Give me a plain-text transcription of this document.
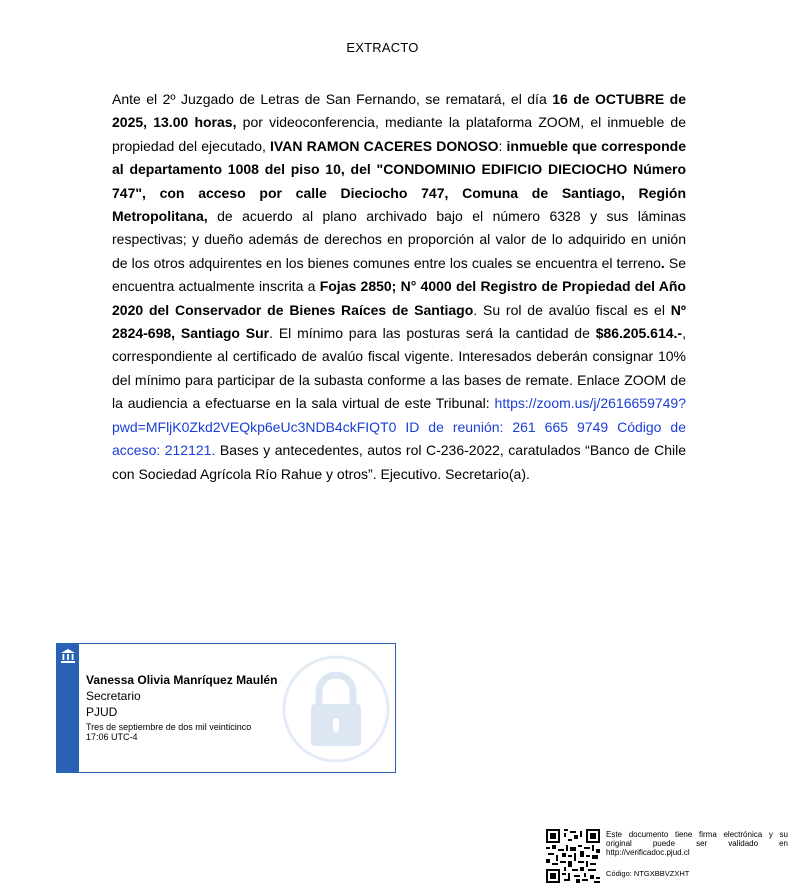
EXTRACTO
Ante el 2º Juzgado de Letras de San Fernando, se rematará, el día 16 de OCTUBRE de 2025, 13.00 horas, por videoconferencia, mediante la plataforma ZOOM, el inmueble de propiedad del ejecutado, IVAN RAMON CACERES DONOSO: inmueble que corresponde al departamento 1008 del piso 10, del "CONDOMINIO EDIFICIO DIECIOCHO Número 747", con acceso por calle Dieciocho 747, Comuna de Santiago, Región Metropolitana, de acuerdo al plano archivado bajo el número 6328 y sus láminas respectivas; y dueño además de derechos en proporción al valor de lo adquirido en unión de los otros adquirentes en los bienes comunes entre los cuales se encuentra el terreno. Se encuentra actualmente inscrita a Fojas 2850; N° 4000 del Registro de Propiedad del Año 2020 del Conservador de Bienes Raíces de Santiago. Su rol de avalúo fiscal es el Nº 2824-698, Santiago Sur. El mínimo para las posturas será la cantidad de $86.205.614.-, correspondiente al certificado de avalúo fiscal vigente. Interesados deberán consignar 10% del mínimo para participar de la subasta conforme a las bases de remate. Enlace ZOOM de la audiencia a efectuarse en la sala virtual de este Tribunal: https://zoom.us/j/2616659749?pwd=MFljK0Zkd2VEQkp6eUc3NDB4ckFIQT0 ID de reunión: 261 665 9749 Código de acceso: 212121. Bases y antecedentes, autos rol C-236-2022, caratulados “Banco de Chile con Sociedad Agrícola Río Rahue y otros”. Ejecutivo. Secretario(a).
Vanessa Olivia Manríquez Maulén
Secretario
PJUD
Tres de septiembre de dos mil veinticinco
17:06 UTC-4
Este documento tiene firma electrónica y su original puede ser validado en http://verificadoc.pjud.cl
Código: NTGXBBVZXHT
